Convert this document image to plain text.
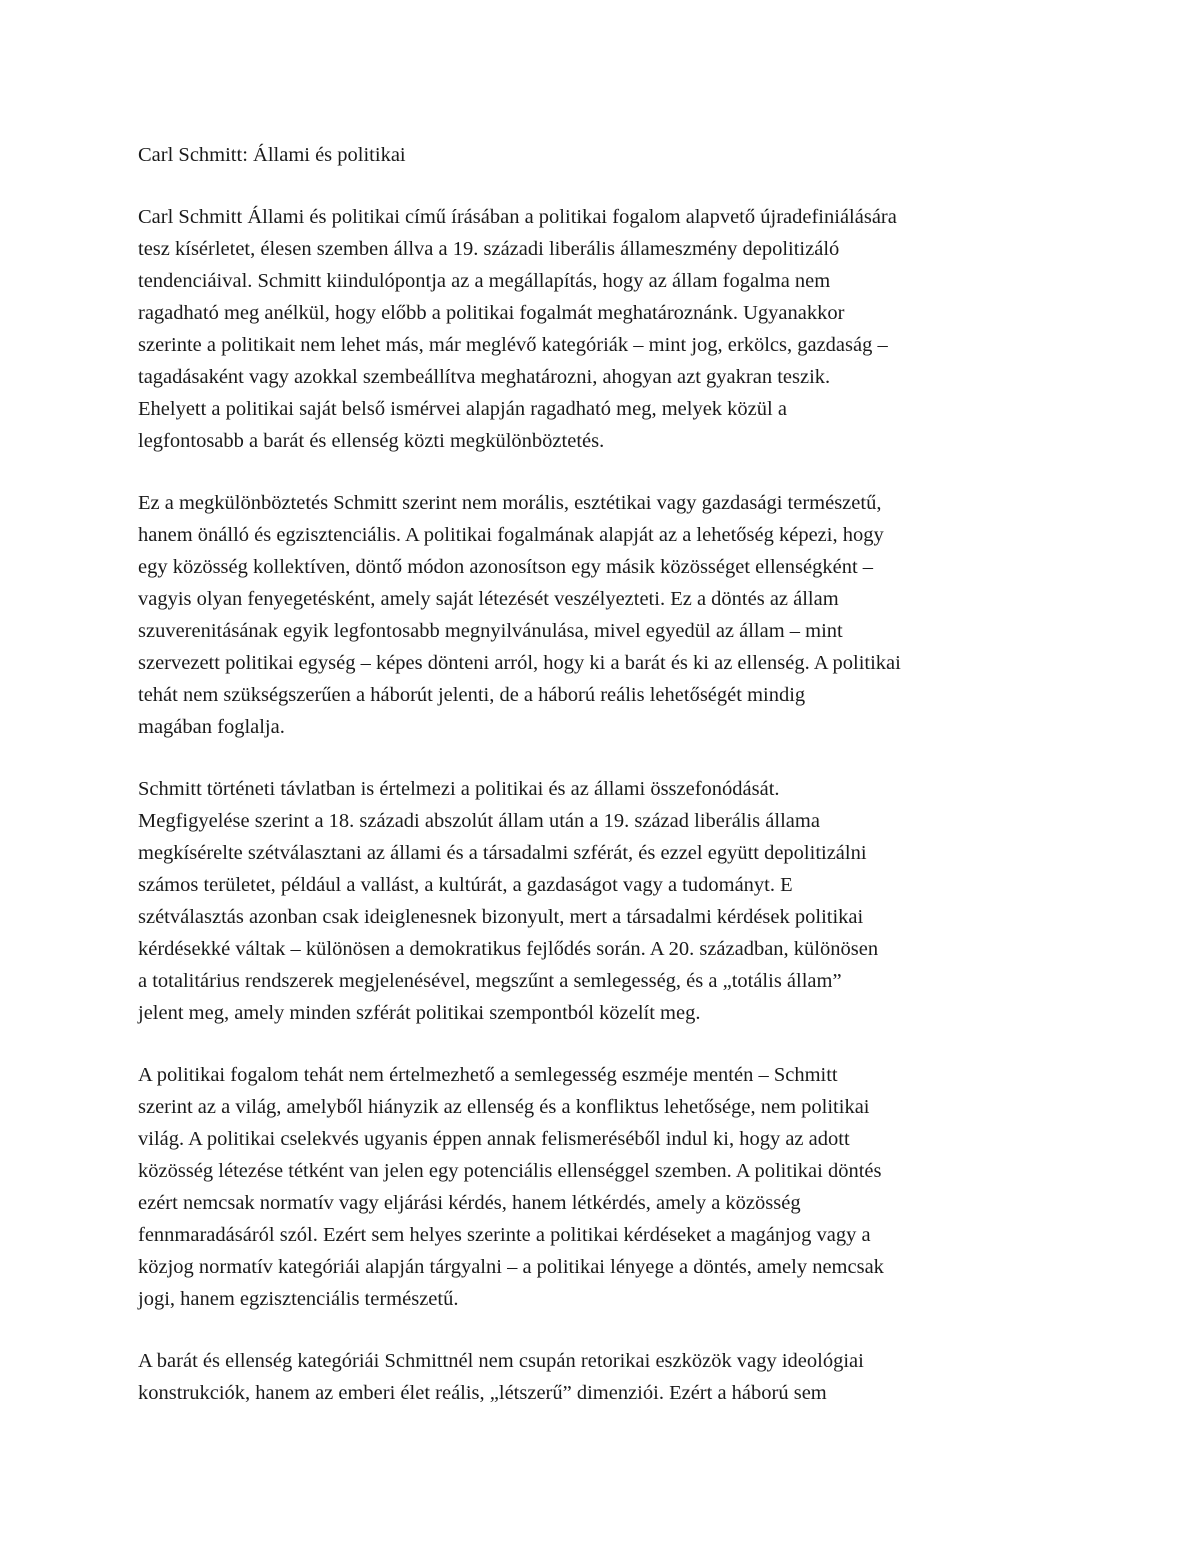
Carl Schmitt: Állami és politikai
Carl Schmitt Állami és politikai című írásában a politikai fogalom alapvető újradefiniálására
tesz kísérletet, élesen szemben állva a 19. századi liberális állameszmény depolitizáló
tendenciáival. Schmitt kiindulópontja az a megállapítás, hogy az állam fogalma nem
ragadható meg anélkül, hogy előbb a politikai fogalmát meghatároznánk. Ugyanakkor
szerinte a politikait nem lehet más, már meglévő kategóriák – mint jog, erkölcs, gazdaság –
tagadásaként vagy azokkal szembeállítva meghatározni, ahogyan azt gyakran teszik.
Ehelyett a politikai saját belső ismérvei alapján ragadható meg, melyek közül a
legfontosabb a barát és ellenség közti megkülönböztetés.
Ez a megkülönböztetés Schmitt szerint nem morális, esztétikai vagy gazdasági természetű,
hanem önálló és egzisztenciális. A politikai fogalmának alapját az a lehetőség képezi, hogy
egy közösség kollektíven, döntő módon azonosítson egy másik közösséget ellenségként –
vagyis olyan fenyegetésként, amely saját létezését veszélyezteti. Ez a döntés az állam
szuverenitásának egyik legfontosabb megnyilvánulása, mivel egyedül az állam – mint
szervezett politikai egység – képes dönteni arról, hogy ki a barát és ki az ellenség. A politikai
tehát nem szükségszerűen a háborút jelenti, de a háború reális lehetőségét mindig
magában foglalja.
Schmitt történeti távlatban is értelmezi a politikai és az állami összefonódását.
Megfigyelése szerint a 18. századi abszolút állam után a 19. század liberális állama
megkísérelte szétválasztani az állami és a társadalmi szférát, és ezzel együtt depolitizálni
számos területet, például a vallást, a kultúrát, a gazdaságot vagy a tudományt. E
szétválasztás azonban csak ideiglenesnek bizonyult, mert a társadalmi kérdések politikai
kérdésekké váltak – különösen a demokratikus fejlődés során. A 20. században, különösen
a totalitárius rendszerek megjelenésével, megszűnt a semlegesség, és a „totális állam”
jelent meg, amely minden szférát politikai szempontból közelít meg.
A politikai fogalom tehát nem értelmezhető a semlegesség eszméje mentén – Schmitt
szerint az a világ, amelyből hiányzik az ellenség és a konfliktus lehetősége, nem politikai
világ. A politikai cselekvés ugyanis éppen annak felismeréséből indul ki, hogy az adott
közösség létezése tétként van jelen egy potenciális ellenséggel szemben. A politikai döntés
ezért nemcsak normatív vagy eljárási kérdés, hanem létkérdés, amely a közösség
fennmaradásáról szól. Ezért sem helyes szerinte a politikai kérdéseket a magánjog vagy a
közjog normatív kategóriái alapján tárgyalni – a politikai lényege a döntés, amely nemcsak
jogi, hanem egzisztenciális természetű.
A barát és ellenség kategóriái Schmittnél nem csupán retorikai eszközök vagy ideológiai
konstrukciók, hanem az emberi élet reális, „létszerű” dimenziói. Ezért a háború sem
